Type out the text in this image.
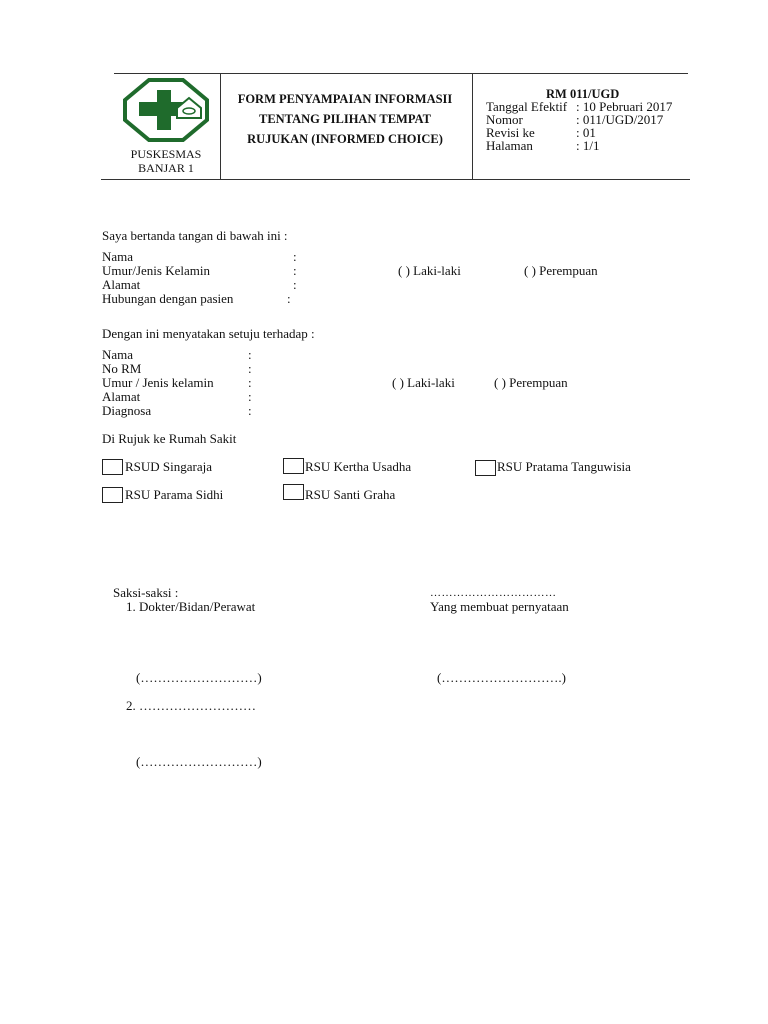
PUSKESMAS
BANJAR 1
FORM PENYAMPAIAN INFORMASII
TENTANG PILIHAN TEMPAT
RUJUKAN (INFORMED CHOICE)
RM 011/UGD
Tanggal Efektif : 10 Pebruari 2017
Nomor	: 011/UGD/2017
Revisi ke	: 01
Halaman	: 1/1
Saya bertanda tangan di bawah ini :
Nama	:
Umur/Jenis Kelamin	:	( ) Laki-laki	( ) Perempuan
Alamat	:
Hubungan dengan pasien	:
Dengan ini menyatakan setuju terhadap :
Nama	:
No RM	:
Umur / Jenis kelamin	:	( ) Laki-laki	( ) Perempuan
Alamat	:
Diagnosa	:
Di Rujuk ke Rumah Sakit
RSUD Singaraja	RSU Kertha Usadha	RSU Pratama Tanguwisia
RSU Parama Sidhi	RSU Santi Graha
Saksi-saksi :	……………………………
1. Dokter/Bidan/Perawat	Yang membuat pernyataan
(………………………)	(……………………….)
2. ………………………
(………………………)
